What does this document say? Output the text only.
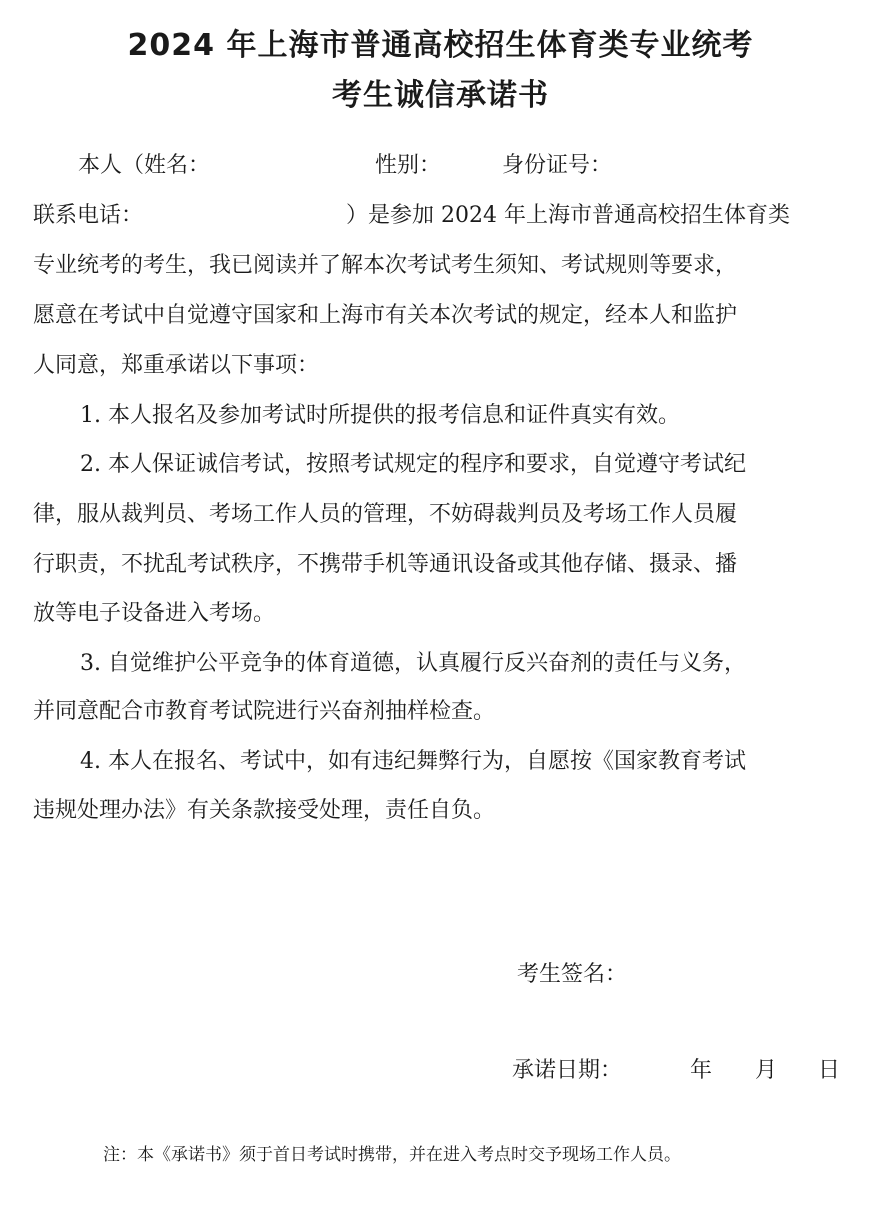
2024 年上海市普通高校招生体育类专业统考
考生诚信承诺书
本人（姓名：	性别：	身份证号：
联系电话：	）是参加 2024 年上海市普通高校招生体育类
专业统考的考生，我已阅读并了解本次考试考生须知、考试规则等要求，
愿意在考试中自觉遵守国家和上海市有关本次考试的规定，经本人和监护
人同意，郑重承诺以下事项：
1. 本人报名及参加考试时所提供的报考信息和证件真实有效。
2. 本人保证诚信考试，按照考试规定的程序和要求，自觉遵守考试纪
律，服从裁判员、考场工作人员的管理，不妨碍裁判员及考场工作人员履
行职责，不扰乱考试秩序，不携带手机等通讯设备或其他存储、摄录、播
放等电子设备进入考场。
3. 自觉维护公平竞争的体育道德，认真履行反兴奋剂的责任与义务，
并同意配合市教育考试院进行兴奋剂抽样检查。
4. 本人在报名、考试中，如有违纪舞弊行为，自愿按《国家教育考试
违规处理办法》有关条款接受处理，责任自负。
考生签名：
承诺日期：	年 月 日
注：本《承诺书》须于首日考试时携带，并在进入考点时交予现场工作人员。
